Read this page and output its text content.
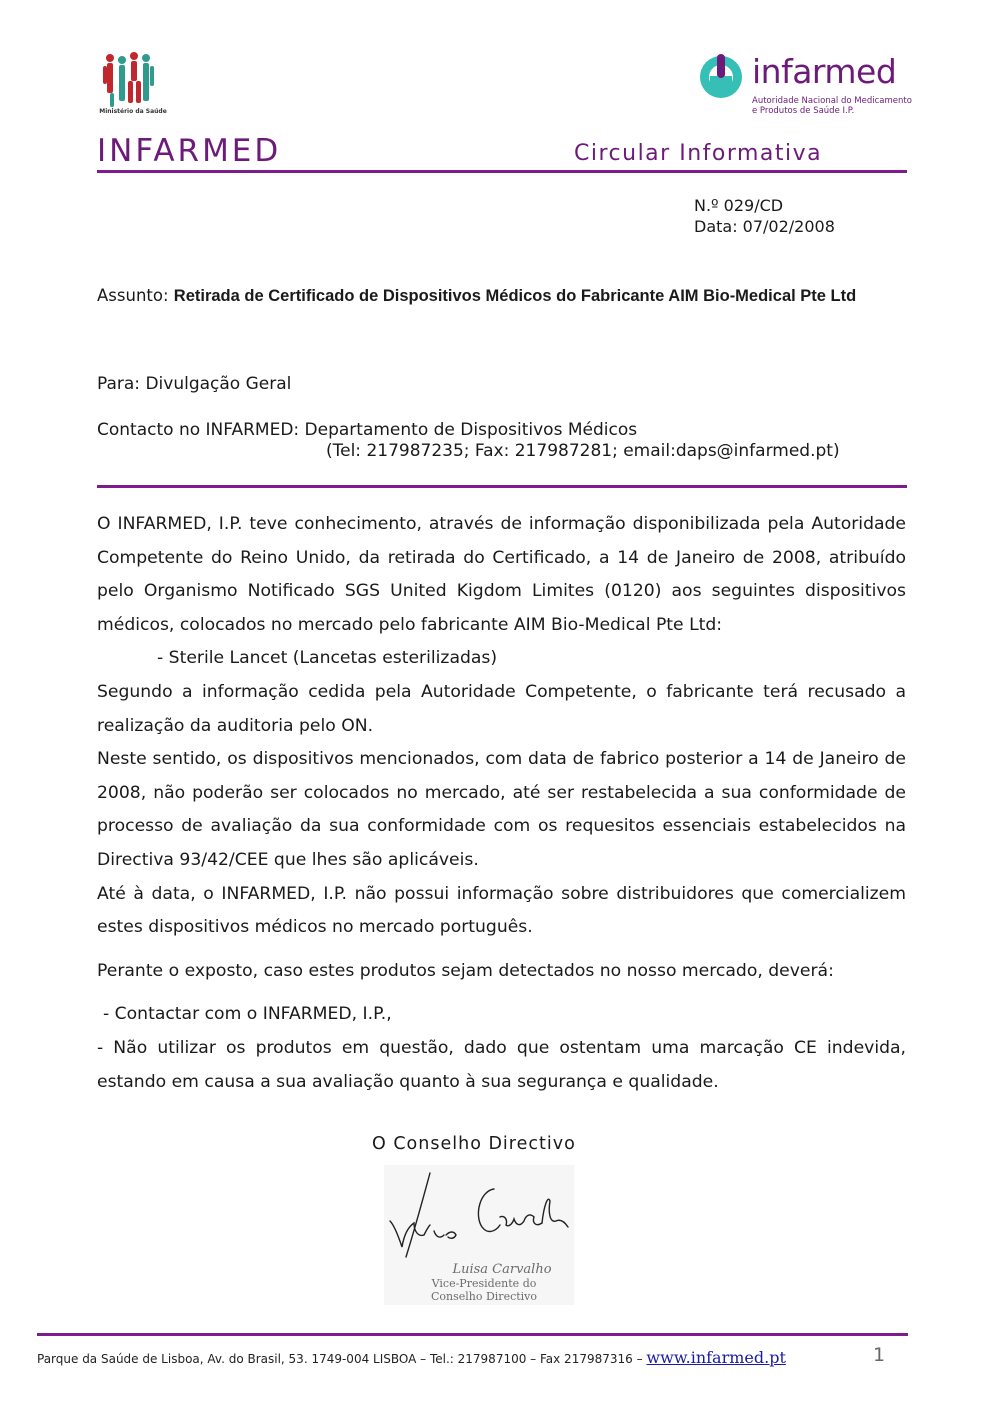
Ministério da Saúde
infarmed
Autoridade Nacional do Medicamento
e Produtos de Saúde I.P.
INFARMED	Circular Informativa
N.º 029/CD
Data: 07/02/2008
Assunto: Retirada de Certificado de Dispositivos Médicos do Fabricante AIM Bio-Medical Pte Ltd
Para: Divulgação Geral
Contacto no INFARMED: Departamento de Dispositivos Médicos
(Tel: 217987235; Fax: 217987281; email:daps@infarmed.pt)

O INFARMED, I.P. teve conhecimento, através de informação disponibilizada pela Autoridade Competente do Reino Unido, da retirada do Certificado, a 14 de Janeiro de 2008, atribuído pelo Organismo Notificado SGS United Kigdom Limites (0120) aos seguintes dispositivos médicos, colocados no mercado pelo fabricante AIM Bio-Medical Pte Ltd:

- Sterile Lancet (Lancetas esterilizadas)

Segundo a informação cedida pela Autoridade Competente, o fabricante terá recusado a realização da auditoria pelo ON.

Neste sentido, os dispositivos mencionados, com data de fabrico posterior a 14 de Janeiro de 2008, não poderão ser colocados no mercado, até ser restabelecida a sua conformidade de processo de avaliação da sua conformidade com os requesitos essenciais estabelecidos na Directiva 93/42/CEE que lhes são aplicáveis.

Até à data, o INFARMED, I.P. não possui informação sobre distribuidores que comercializem estes dispositivos médicos no mercado português.

Perante o exposto, caso estes produtos sejam detectados no nosso mercado, deverá:

- Contactar com o INFARMED, I.P.,

- Não utilizar os produtos em questão, dado que ostentam uma marcação CE indevida, estando em causa a sua avaliação quanto à sua segurança e qualidade.

O Conselho Directivo
Luisa Carvalho
Vice-Presidente do
Conselho Directivo
Parque da Saúde de Lisboa, Av. do Brasil, 53. 1749-004 LISBOA – Tel.: 217987100 – Fax 217987316 – www.infarmed.pt	1
